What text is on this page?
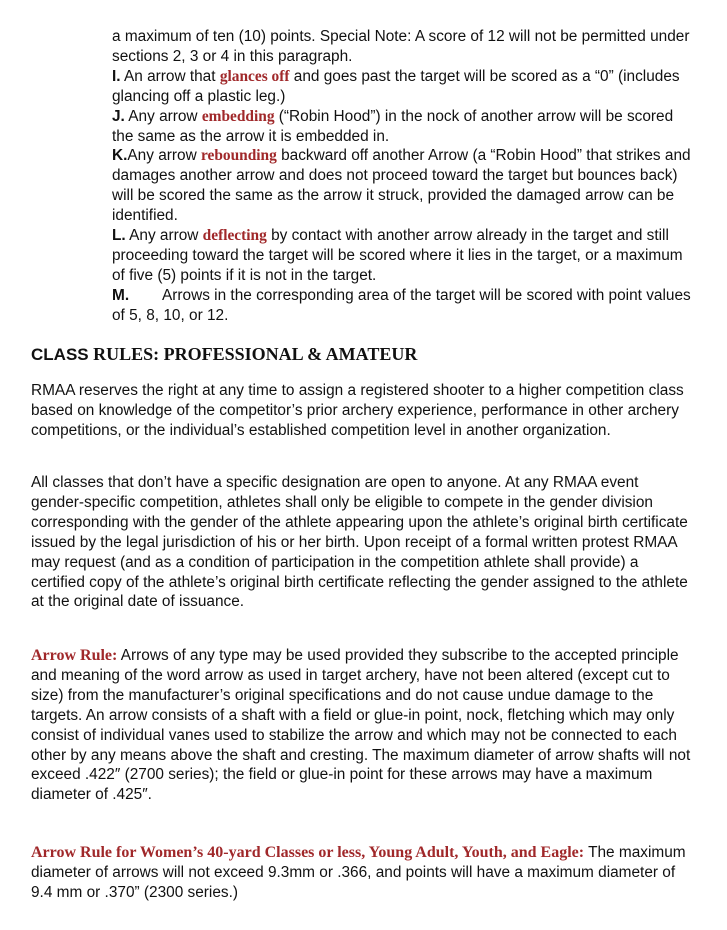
a maximum of ten (10) points. Special Note: A score of 12 will not be permitted under sections 2, 3 or 4 in this paragraph.

I. An arrow that glances off and goes past the target will be scored as a “0” (includes glancing off a plastic leg.)

J. Any arrow embedding (“Robin Hood”) in the nock of another arrow will be scored the same as the arrow it is embedded in.

K.Any arrow rebounding backward off another Arrow (a “Robin Hood” that strikes and damages another arrow and does not proceed toward the target but bounces back) will be scored the same as the arrow it struck, provided the damaged arrow can be identified.

L. Any arrow deflecting by contact with another arrow already in the target and still proceeding toward the target will be scored where it lies in the target, or a maximum of five (5) points if it is not in the target.

M. Arrows in the corresponding area of the target will be scored with point values of 5, 8, 10, or 12.

CLASS RULES: PROFESSIONAL & AMATEUR

RMAA reserves the right at any time to assign a registered shooter to a higher competition class based on knowledge of the competitor’s prior archery experience, performance in other archery competitions, or the individual’s established competition level in another organization.

All classes that don’t have a specific designation are open to anyone. At any RMAA event gender-specific competition, athletes shall only be eligible to compete in the gender division corresponding with the gender of the athlete appearing upon the athlete’s original birth certificate issued by the legal jurisdiction of his or her birth. Upon receipt of a formal written protest RMAA may request (and as a condition of participation in the competition athlete shall provide) a certified copy of the athlete’s original birth certificate reflecting the gender assigned to the athlete at the original date of issuance.

Arrow Rule: Arrows of any type may be used provided they subscribe to the accepted principle and meaning of the word arrow as used in target archery, have not been altered (except cut to size) from the manufacturer’s original specifications and do not cause undue damage to the targets. An arrow consists of a shaft with a field or glue-in point, nock, fletching which may only consist of individual vanes used to stabilize the arrow and which may not be connected to each other by any means above the shaft and cresting. The maximum diameter of arrow shafts will not exceed .422″ (2700 series); the field or glue-in point for these arrows may have a maximum diameter of .425″.

Arrow Rule for Women’s 40-yard Classes or less, Young Adult, Youth, and Eagle: The maximum diameter of arrows will not exceed 9.3mm or .366, and points will have a maximum diameter of 9.4 mm or .370” (2300 series.)
